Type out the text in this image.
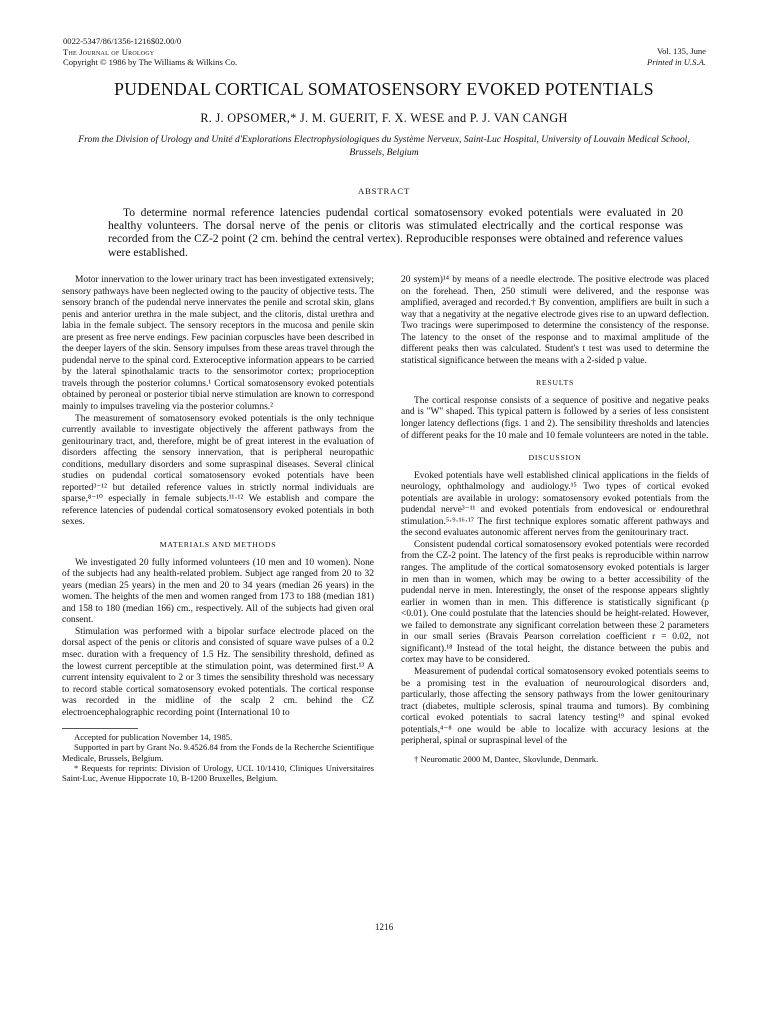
0022-5347/86/1356-1216$02.00/0
The Journal of Urology
Copyright © 1986 by The Williams & Wilkins Co.
Vol. 135, June
Printed in U.S.A.
PUDENDAL CORTICAL SOMATOSENSORY EVOKED POTENTIALS
R. J. OPSOMER,* J. M. GUERIT, F. X. WESE and P. J. VAN CANGH
From the Division of Urology and Unité d'Explorations Electrophysiologiques du Système Nerveux, Saint-Luc Hospital, University of Louvain Medical School, Brussels, Belgium
ABSTRACT
To determine normal reference latencies pudendal cortical somatosensory evoked potentials were evaluated in 20 healthy volunteers. The dorsal nerve of the penis or clitoris was stimulated electrically and the cortical response was recorded from the CZ-2 point (2 cm. behind the central vertex). Reproducible responses were obtained and reference values were established.

Motor innervation to the lower urinary tract has been investigated extensively; sensory pathways have been neglected owing to the paucity of objective tests. The sensory branch of the pudendal nerve innervates the penile and scrotal skin, glans penis and anterior urethra in the male subject, and the clitoris, distal urethra and labia in the female subject. The sensory receptors in the mucosa and penile skin are present as free nerve endings. Few pacinian corpuscles have been described in the deeper layers of the skin. Sensory impulses from these areas travel through the pudendal nerve to the spinal cord. Exteroceptive information appears to be carried by the lateral spinothalamic tracts to the sensorimotor cortex; proprioception travels through the posterior columns.¹ Cortical somatosensory evoked potentials obtained by peroneal or posterior tibial nerve stimulation are known to correspond mainly to impulses traveling via the posterior columns.²

The measurement of somatosensory evoked potentials is the only technique currently available to investigate objectively the afferent pathways from the genitourinary tract, and, therefore, might be of great interest in the evaluation of disorders affecting the sensory innervation, that is peripheral neuropathic conditions, medullary disorders and some supraspinal diseases. Several clinical studies on pudendal cortical somatosensory evoked potentials have been reported³⁻¹² but detailed reference values in strictly normal individuals are sparse,⁸⁻¹⁰ especially in female subjects.¹¹·¹² We establish and compare the reference latencies of pudendal cortical somatosensory evoked potentials in both sexes.

MATERIALS AND METHODS

We investigated 20 fully informed volunteers (10 men and 10 women). None of the subjects had any health-related problem. Subject age ranged from 20 to 32 years (median 25 years) in the men and 20 to 34 years (median 26 years) in the women. The heights of the men and women ranged from 173 to 188 (median 181) and 158 to 180 (median 166) cm., respectively. All of the subjects had given oral consent.

Stimulation was performed with a bipolar surface electrode placed on the dorsal aspect of the penis or clitoris and consisted of square wave pulses of a 0.2 msec. duration with a frequency of 1.5 Hz. The sensibility threshold, defined as the lowest current perceptible at the stimulation point, was determined first.¹³ A current intensity equivalent to 2 or 3 times the sensibility threshold was necessary to record stable cortical somatosensory evoked potentials. The cortical response was recorded in the midline of the scalp 2 cm. behind the CZ electroencephalographic recording point (International 10 to

Accepted for publication November 14, 1985.

Supported in part by Grant No. 9.4526.84 from the Fonds de la Recherche Scientifique Medicale, Brussels, Belgium.

* Requests for reprints: Division of Urology, UCL 10/1410, Cliniques Universitaires Saint-Luc, Avenue Hippocrate 10, B-1200 Bruxelles, Belgium.

20 system)¹⁴ by means of a needle electrode. The positive electrode was placed on the forehead. Then, 250 stimuli were delivered, and the response was amplified, averaged and recorded.† By convention, amplifiers are built in such a way that a negativity at the negative electrode gives rise to an upward deflection. Two tracings were superimposed to determine the consistency of the response. The latency to the onset of the response and to maximal amplitude of the different peaks then was calculated. Student's t test was used to determine the statistical significance between the means with a 2-sided p value.

RESULTS

The cortical response consists of a sequence of positive and negative peaks and is "W" shaped. This typical pattern is followed by a series of less consistent longer latency deflections (figs. 1 and 2). The sensibility thresholds and latencies of different peaks for the 10 male and 10 female volunteers are noted in the table.

DISCUSSION

Evoked potentials have well established clinical applications in the fields of neurology, ophthalmology and audiology.¹⁵ Two types of cortical evoked potentials are available in urology: somatosensory evoked potentials from the pudendal nerve³⁻¹¹ and evoked potentials from endovesical or endourethral stimulation.⁵·⁹·¹⁶·¹⁷ The first technique explores somatic afferent pathways and the second evaluates autonomic afferent nerves from the genitourinary tract.

Consistent pudendal cortical somatosensory evoked potentials were recorded from the CZ-2 point. The latency of the first peaks is reproducible within narrow ranges. The amplitude of the cortical somatosensory evoked potentials is larger in men than in women, which may be owing to a better accessibility of the pudendal nerve in men. Interestingly, the onset of the response appears slightly earlier in women than in men. This difference is statistically significant (p <0.01). One could postulate that the latencies should be height-related. However, we failed to demonstrate any significant correlation between these 2 parameters in our small series (Bravais Pearson correlation coefficient r = 0.02, not significant).¹⁸ Instead of the total height, the distance between the pubis and cortex may have to be considered.

Measurement of pudendal cortical somatosensory evoked potentials seems to be a promising test in the evaluation of neurourological disorders and, particularly, those affecting the sensory pathways from the lower genitourinary tract (diabetes, multiple sclerosis, spinal trauma and tumors). By combining cortical evoked potentials to sacral latency testing¹⁹ and spinal evoked potentials,⁴⁻⁸ one would be able to localize with accuracy lesions at the peripheral, spinal or supraspinal level of the

† Neuromatic 2000 M, Dantec, Skovlunde, Denmark.

1216
